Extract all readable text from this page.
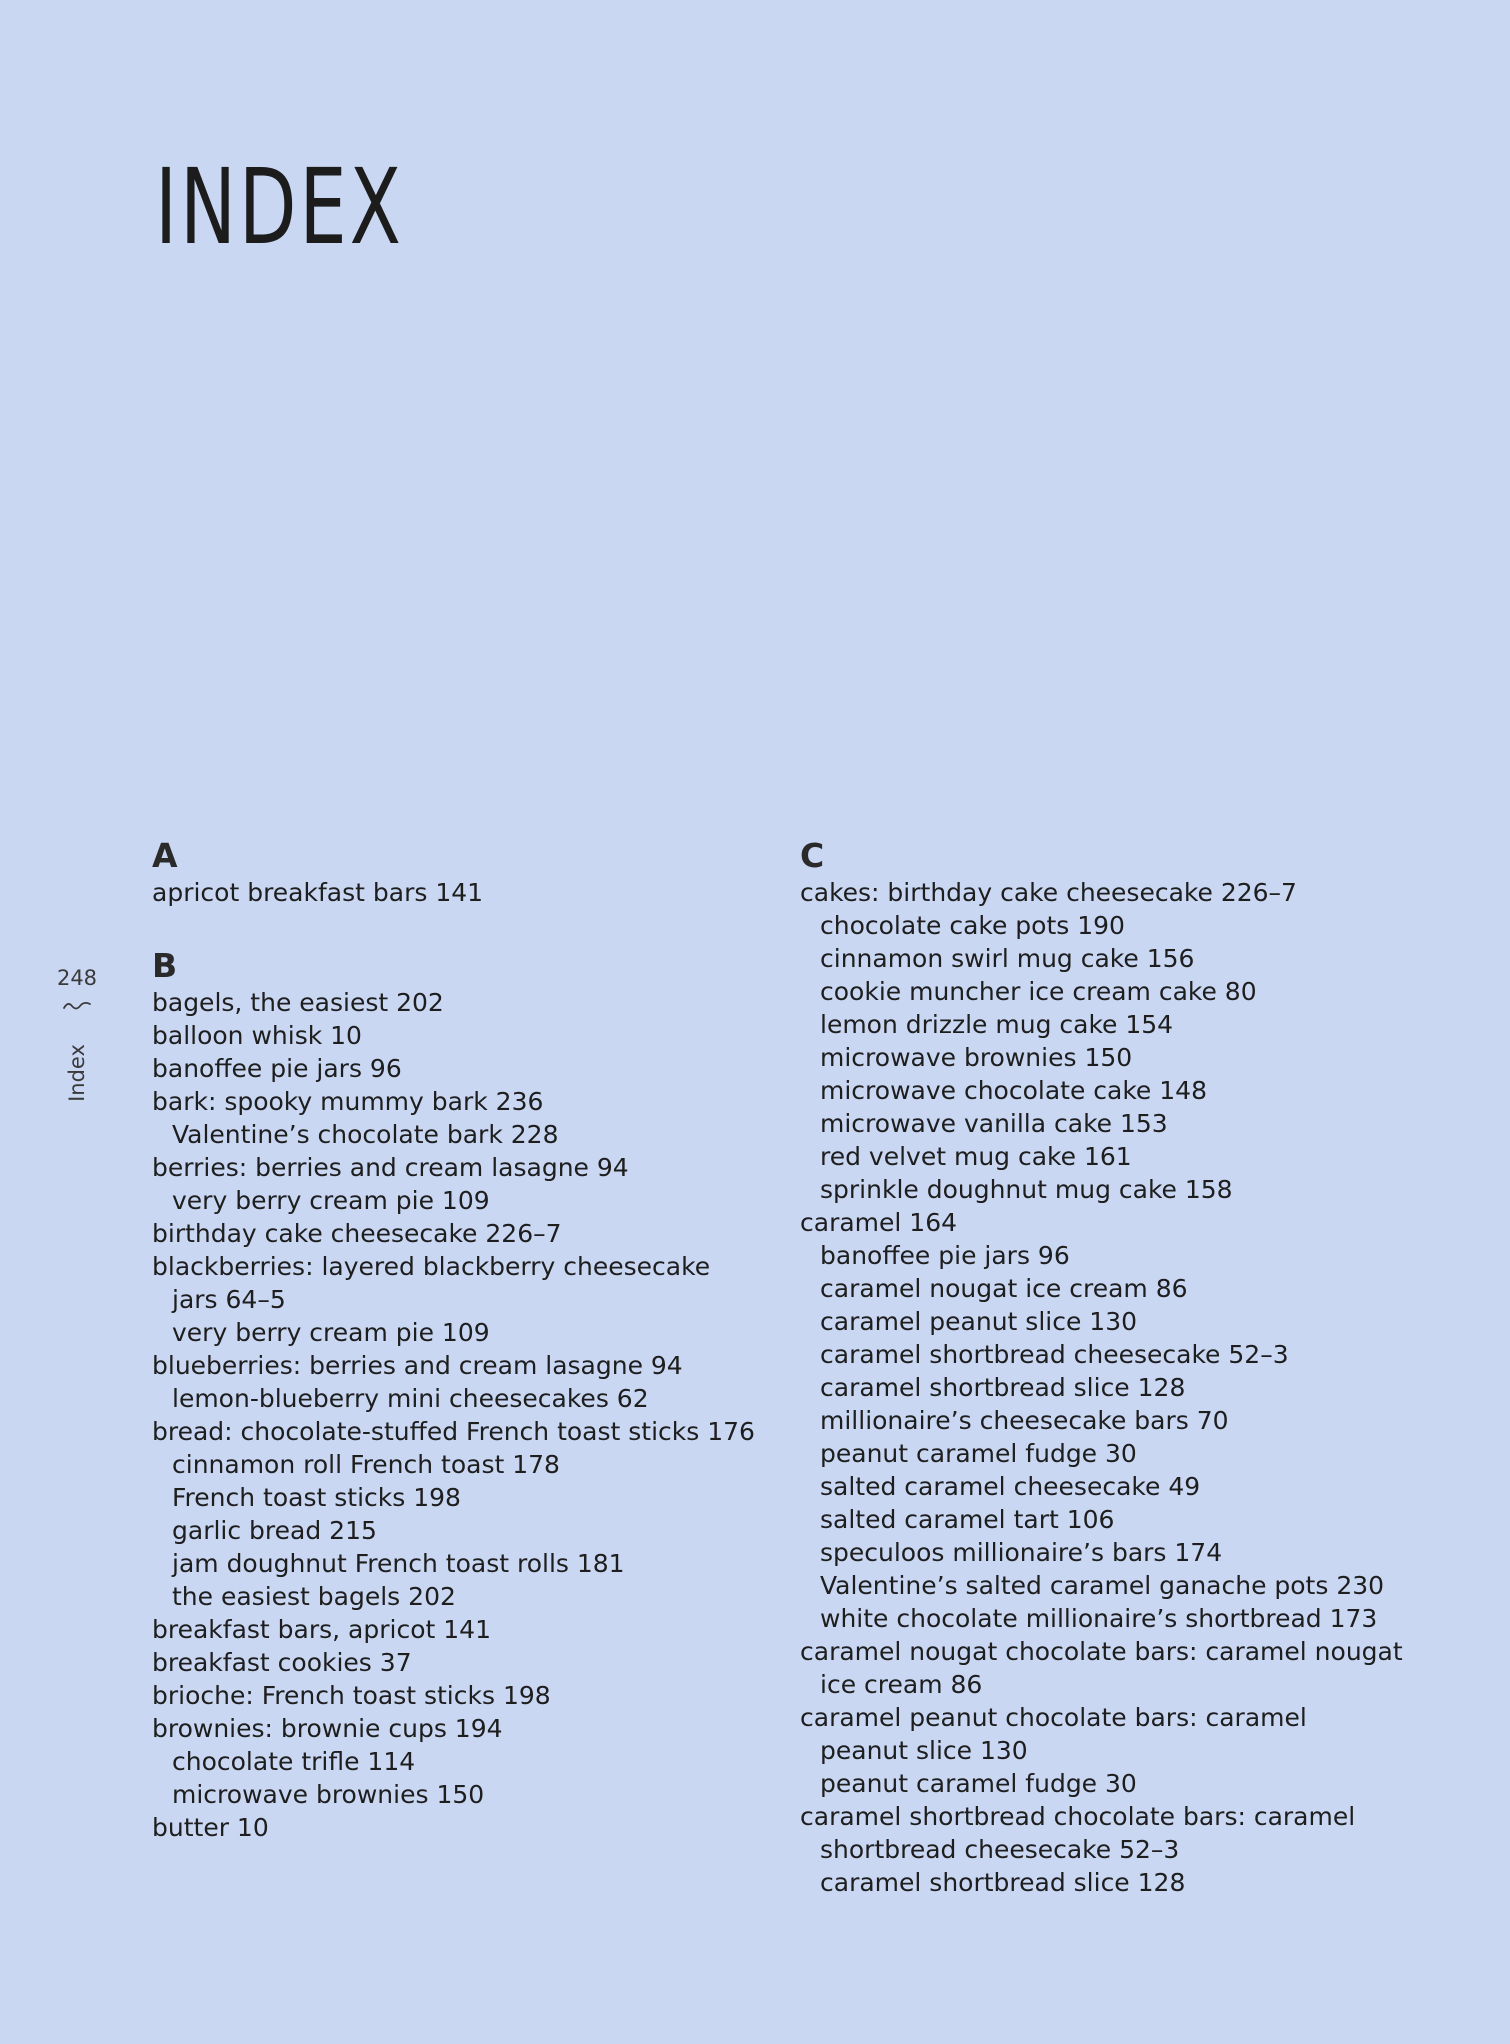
INDEX
248
Index
A
apricot breakfast bars 141
B
bagels, the easiest 202
balloon whisk 10
banoffee pie jars 96
bark: spooky mummy bark 236
Valentine’s chocolate bark 228
berries: berries and cream lasagne 94
very berry cream pie 109
birthday cake cheesecake 226–7
blackberries: layered blackberry cheesecake
jars 64–5
very berry cream pie 109
blueberries: berries and cream lasagne 94
lemon-blueberry mini cheesecakes 62
bread: chocolate-stuffed French toast sticks 176
cinnamon roll French toast 178
French toast sticks 198
garlic bread 215
jam doughnut French toast rolls 181
the easiest bagels 202
breakfast bars, apricot 141
breakfast cookies 37
brioche: French toast sticks 198
brownies: brownie cups 194
chocolate trifle 114
microwave brownies 150
butter 10
C
cakes: birthday cake cheesecake 226–7
chocolate cake pots 190
cinnamon swirl mug cake 156
cookie muncher ice cream cake 80
lemon drizzle mug cake 154
microwave brownies 150
microwave chocolate cake 148
microwave vanilla cake 153
red velvet mug cake 161
sprinkle doughnut mug cake 158
caramel 164
banoffee pie jars 96
caramel nougat ice cream 86
caramel peanut slice 130
caramel shortbread cheesecake 52–3
caramel shortbread slice 128
millionaire’s cheesecake bars 70
peanut caramel fudge 30
salted caramel cheesecake 49
salted caramel tart 106
speculoos millionaire’s bars 174
Valentine’s salted caramel ganache pots 230
white chocolate millionaire’s shortbread 173
caramel nougat chocolate bars: caramel nougat
ice cream 86
caramel peanut chocolate bars: caramel
peanut slice 130
peanut caramel fudge 30
caramel shortbread chocolate bars: caramel
shortbread cheesecake 52–3
caramel shortbread slice 128
